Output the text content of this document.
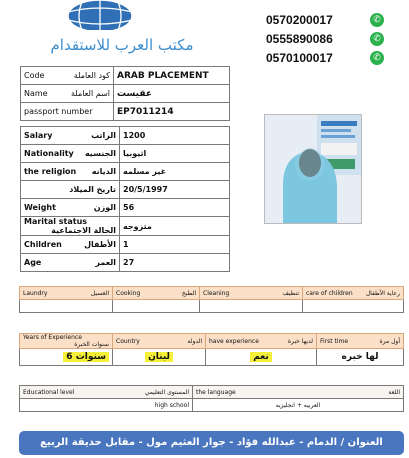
مكتب العرب للاستقدام
0570200017	✆
0555890086	✆
0570100017	✆
Code كود العاملة	ARAB PLACEMENT
Name اسم العاملة	عقيست
passport number	EP7011214
Salary الراتب	1200
Nationality الجنسيه	اثيوبيا
the religion الديانه	غير مسلمه

تاريخ الميلاد	20/5/1997
Weight الوزن	56
Marital status
الحالة الاجتماعية	متزوجه
Children الأطفال	1
Age العمر	27
Laundry الغسيل	Cooking الطبخ	Cleaning تنظيف	care of children رعاية الأطفال

Years of Experience
سنوات الخبرة	Country الدولة	have experience لديها خبرة	First time أول مرة

6 سنوات	لبنان	نعم	لها خبره
Educational level المستوى التعليمي	the language اللغة

high school	العربيه + انجليزيه
العنوان / الدمام - عبدالله فؤاد - جوار العثيم مول - مقابل حديقة الربيع
